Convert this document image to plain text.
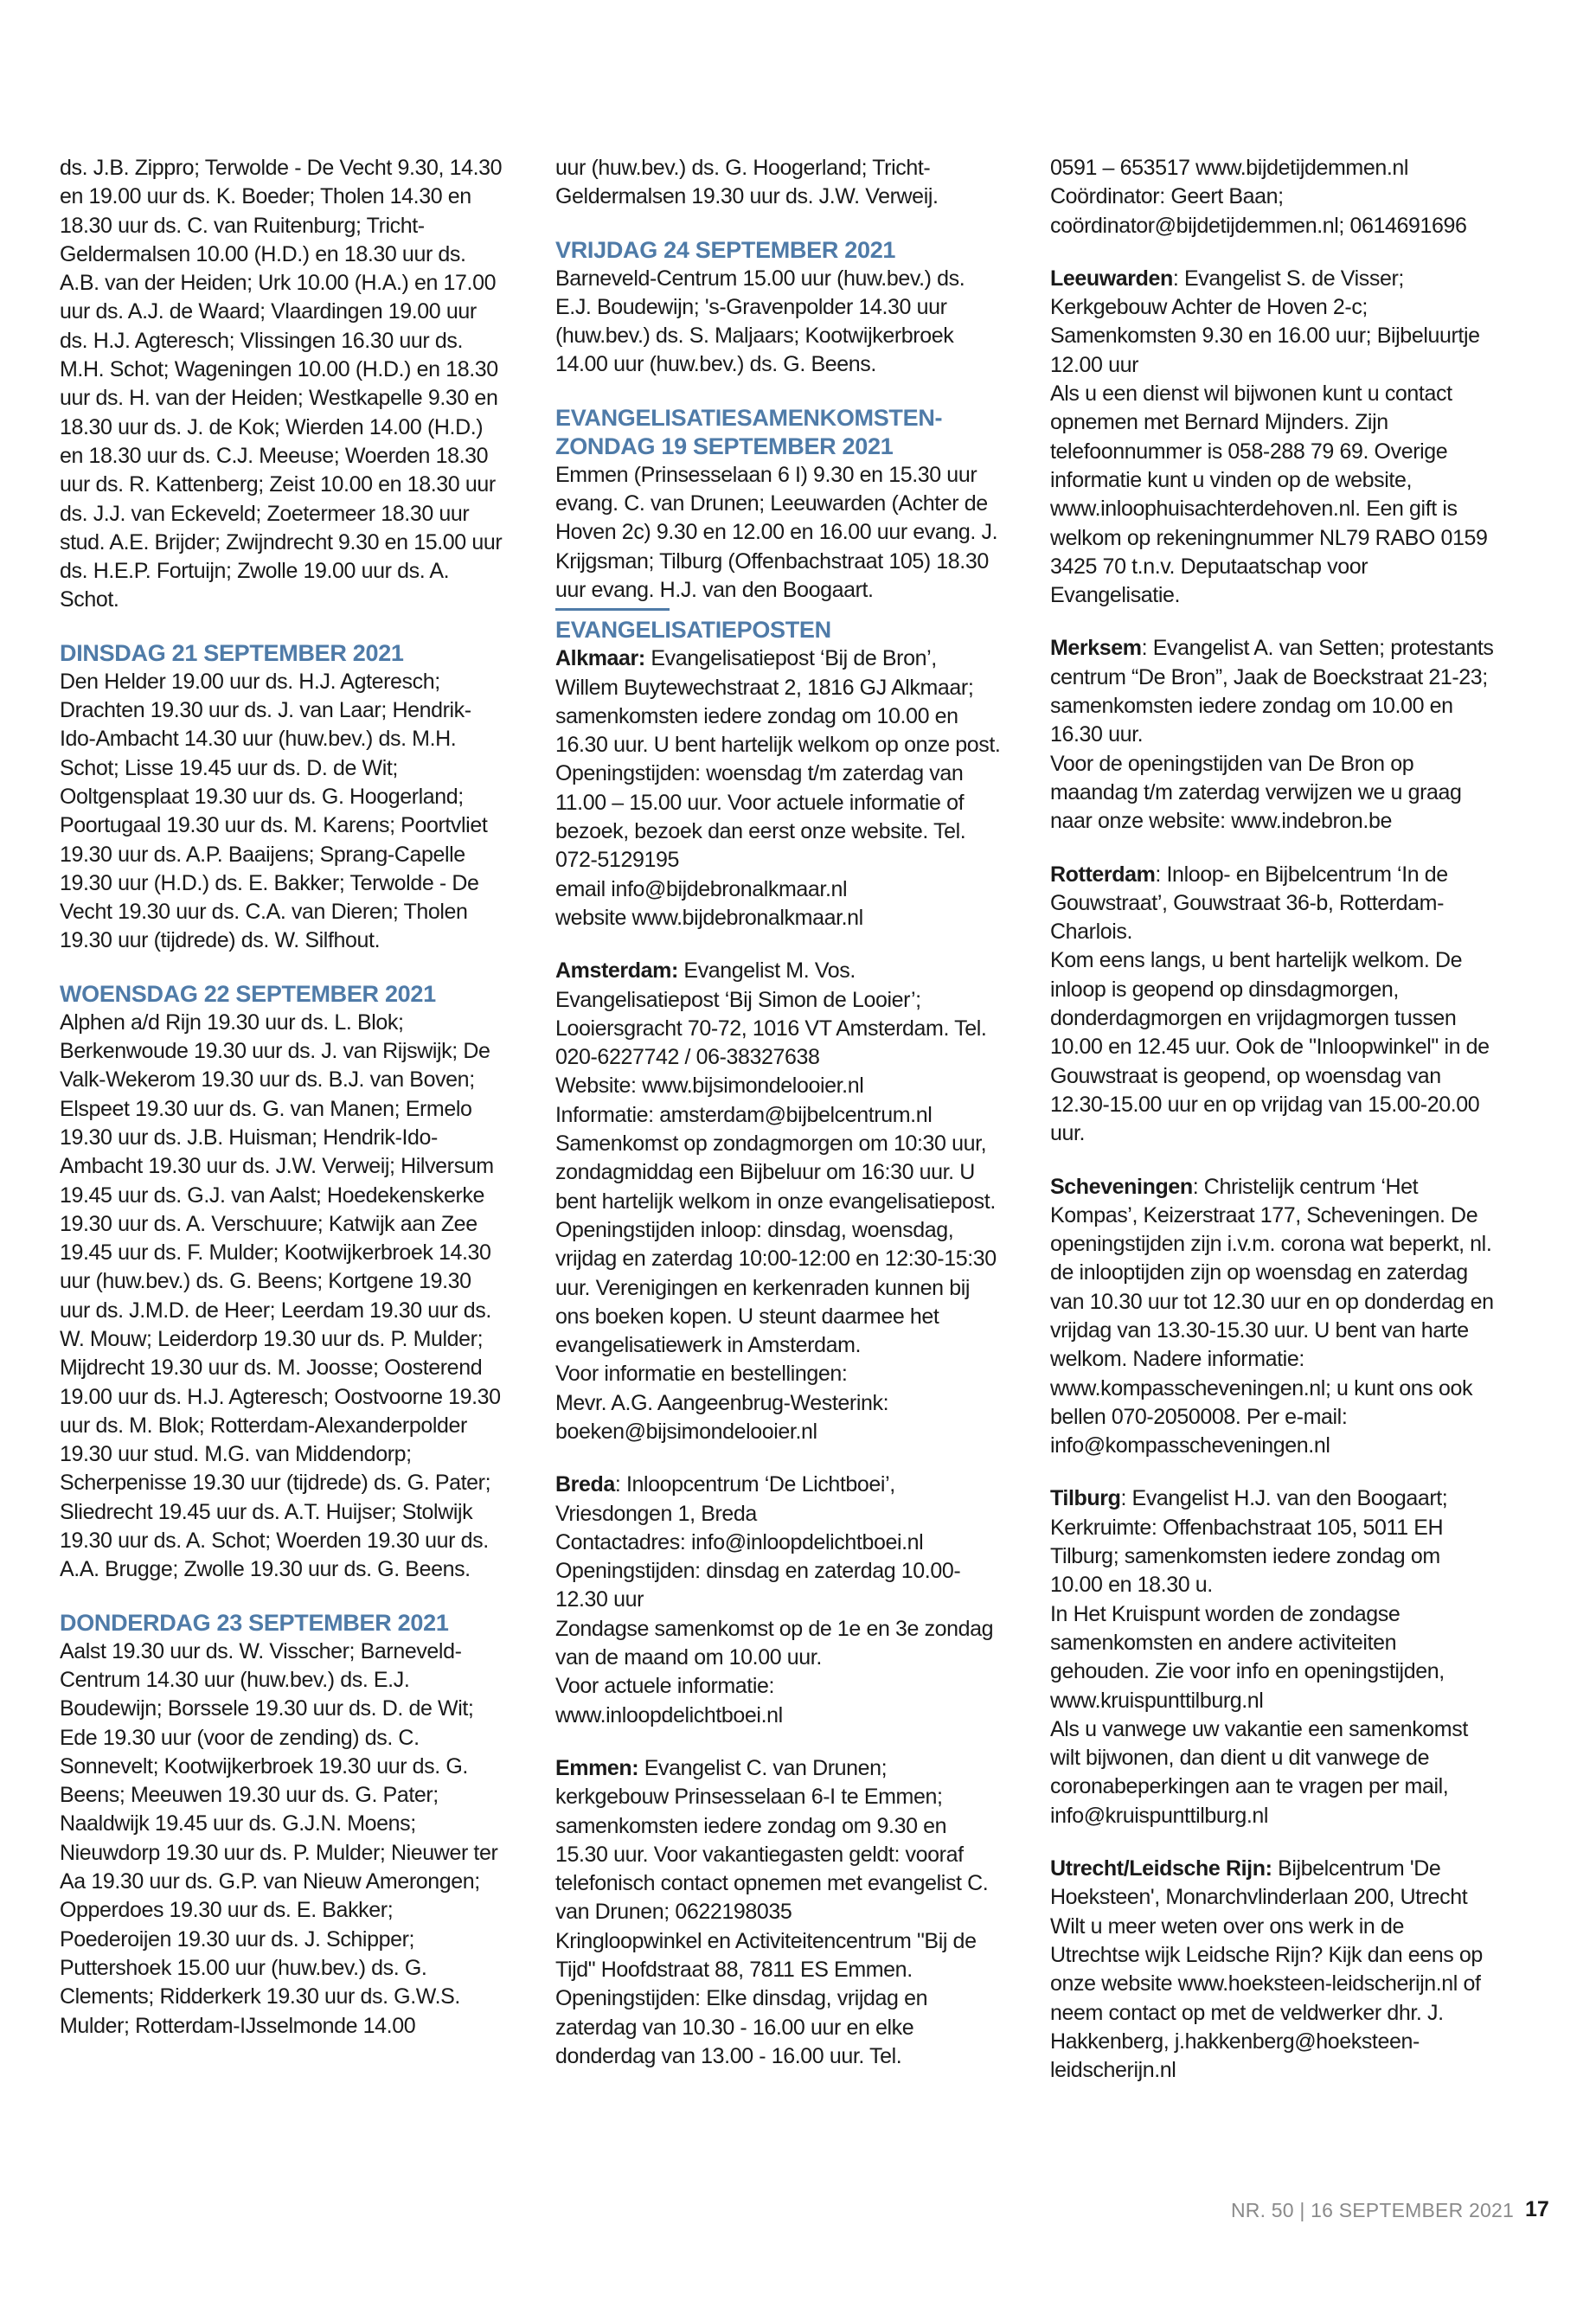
ds. J.B. Zippro; Terwolde - De Vecht 9.30, 14.30 en 19.00 uur ds. K. Boeder; Tholen 14.30 en 18.30 uur ds. C. van Ruitenburg; Tricht-Geldermalsen 10.00 (H.D.) en 18.30 uur ds. A.B. van der Heiden; Urk 10.00 (H.A.) en 17.00 uur ds. A.J. de Waard; Vlaardingen 19.00 uur ds. H.J. Agteresch; Vlissingen 16.30 uur ds. M.H. Schot; Wageningen 10.00 (H.D.) en 18.30 uur ds. H. van der Heiden; Westkapelle 9.30 en 18.30 uur ds. J. de Kok; Wierden 14.00 (H.D.) en 18.30 uur ds. C.J. Meeuse; Woerden 18.30 uur ds. R. Kattenberg; Zeist 10.00 en 18.30 uur ds. J.J. van Eckeveld; Zoetermeer 18.30 uur stud. A.E. Brijder; Zwijndrecht 9.30 en 15.00 uur ds. H.E.P. Fortuijn; Zwolle 19.00 uur ds. A. Schot.

DINSDAG 21 SEPTEMBER 2021

Den Helder 19.00 uur ds. H.J. Agteresch; Drachten 19.30 uur ds. J. van Laar; Hendrik-Ido-Ambacht 14.30 uur (huw.bev.) ds. M.H. Schot; Lisse 19.45 uur ds. D. de Wit; Ooltgensplaat 19.30 uur ds. G. Hoogerland; Poortugaal 19.30 uur ds. M. Karens; Poortvliet 19.30 uur ds. A.P. Baaijens; Sprang-Capelle 19.30 uur (H.D.) ds. E. Bakker; Terwolde - De Vecht 19.30 uur ds. C.A. van Dieren; Tholen 19.30 uur (tijdrede) ds. W. Silfhout.

WOENSDAG 22 SEPTEMBER 2021

Alphen a/d Rijn 19.30 uur ds. L. Blok; Berkenwoude 19.30 uur ds. J. van Rijswijk; De Valk-Wekerom 19.30 uur ds. B.J. van Boven; Elspeet 19.30 uur ds. G. van Manen; Ermelo 19.30 uur ds. J.B. Huisman; Hendrik-Ido-Ambacht 19.30 uur ds. J.W. Verweij; Hilversum 19.45 uur ds. G.J. van Aalst; Hoedekenskerke 19.30 uur ds. A. Verschuure; Katwijk aan Zee 19.45 uur ds. F. Mulder; Kootwijkerbroek 14.30 uur (huw.bev.) ds. G. Beens; Kortgene 19.30 uur ds. J.M.D. de Heer; Leerdam 19.30 uur ds. W. Mouw; Leiderdorp 19.30 uur ds. P. Mulder; Mijdrecht 19.30 uur ds. M. Joosse; Oosterend 19.00 uur ds. H.J. Agteresch; Oostvoorne 19.30 uur ds. M. Blok; Rotterdam-Alexanderpolder 19.30 uur stud. M.G. van Middendorp; Scherpenisse 19.30 uur (tijdrede) ds. G. Pater; Sliedrecht 19.45 uur ds. A.T. Huijser; Stolwijk 19.30 uur ds. A. Schot; Woerden 19.30 uur ds. A.A. Brugge; Zwolle 19.30 uur ds. G. Beens.

DONDERDAG 23 SEPTEMBER 2021

Aalst 19.30 uur ds. W. Visscher; Barneveld-Centrum 14.30 uur (huw.bev.) ds. E.J. Boudewijn; Borssele 19.30 uur ds. D. de Wit; Ede 19.30 uur (voor de zending) ds. C. Sonnevelt; Kootwijkerbroek 19.30 uur ds. G. Beens; Meeuwen 19.30 uur ds. G. Pater; Naaldwijk 19.45 uur ds. G.J.N. Moens; Nieuwdorp 19.30 uur ds. P. Mulder; Nieuwer ter Aa 19.30 uur ds. G.P. van Nieuw Amerongen; Opperdoes 19.30 uur ds. E. Bakker; Poederoijen 19.30 uur ds. J. Schipper; Puttershoek 15.00 uur (huw.bev.) ds. G. Clements; Ridderkerk 19.30 uur ds. G.W.S. Mulder; Rotterdam-IJsselmonde 14.00

uur (huw.bev.) ds. G. Hoogerland; Tricht-Geldermalsen 19.30 uur ds. J.W. Verweij.

VRIJDAG 24 SEPTEMBER 2021

Barneveld-Centrum 15.00 uur (huw.bev.) ds. E.J. Boudewijn; 's-Gravenpolder 14.30 uur (huw.bev.) ds. S. Maljaars; Kootwijkerbroek 14.00 uur (huw.bev.) ds. G. Beens.

EVANGELISATIESAMENKOMSTEN-

ZONDAG 19 SEPTEMBER 2021

Emmen (Prinsesselaan 6 I) 9.30 en 15.30 uur evang. C. van Drunen; Leeuwarden (Achter de Hoven 2c) 9.30 en 12.00 en 16.00 uur evang. J. Krijgsman; Tilburg (Offenbachstraat 105) 18.30 uur evang. H.J. van den Boogaart.

EVANGELISATIEPOSTEN

Alkmaar: Evangelisatiepost ‘Bij de Bron’, Willem Buytewechstraat 2, 1816 GJ Alkmaar; samenkomsten iedere zondag om 10.00 en 16.30 uur. U bent hartelijk welkom op onze post. Openingstijden: woensdag t/m zaterdag van 11.00 – 15.00 uur. Voor actuele informatie of bezoek, bezoek dan eerst onze website. Tel. 072-5129195

email info@bijdebronalkmaar.nl

website www.bijdebronalkmaar.nl

Amsterdam: Evangelist M. Vos. Evangelisatiepost ‘Bij Simon de Looier’; Looiersgracht 70-72, 1016 VT Amsterdam. Tel. 020-6227742 / 06-38327638

Website: www.bijsimondelooier.nl

Informatie: amsterdam@bijbelcentrum.nl

Samenkomst op zondagmorgen om 10:30 uur, zondagmiddag een Bijbeluur om 16:30 uur. U bent hartelijk welkom in onze evangelisatiepost. Openingstijden inloop: dinsdag, woensdag, vrijdag en zaterdag 10:00-12:00 en 12:30-15:30 uur. Verenigingen en kerkenraden kunnen bij ons boeken kopen. U steunt daarmee het evangelisatiewerk in Amsterdam.

Voor informatie en bestellingen:

Mevr. A.G. Aangeenbrug-Westerink: boeken@bijsimondelooier.nl

Breda: Inloopcentrum ‘De Lichtboei’, Vriesdongen 1, Breda

Contactadres: info@inloopdelichtboei.nl

Openingstijden: dinsdag en zaterdag 10.00-12.30 uur

Zondagse samenkomst op de 1e en 3e zondag van de maand om 10.00 uur.

Voor actuele informatie:

www.inloopdelichtboei.nl

Emmen: Evangelist C. van Drunen; kerkgebouw Prinsesselaan 6-I te Emmen; samenkomsten iedere zondag om 9.30 en 15.30 uur. Voor vakantiegasten geldt: vooraf telefonisch contact opnemen met evangelist C. van Drunen; 0622198035

Kringloopwinkel en Activiteitencentrum "Bij de Tijd" Hoofdstraat 88, 7811 ES Emmen. Openingstijden: Elke dinsdag, vrijdag en zaterdag van 10.30 - 16.00 uur en elke donderdag van 13.00 - 16.00 uur. Tel.

0591 – 653517 www.bijdetijdemmen.nl

Coördinator: Geert Baan; coördinator@bijdetijdemmen.nl; 0614691696

Leeuwarden: Evangelist S. de Visser; Kerkgebouw Achter de Hoven 2-c; Samenkomsten 9.30 en 16.00 uur; Bijbeluurtje 12.00 uur

Als u een dienst wil bijwonen kunt u contact opnemen met Bernard Mijnders. Zijn telefoonnummer is 058-288 79 69. Overige informatie kunt u vinden op de website, www.inloophuisachterdehoven.nl. Een gift is welkom op rekeningnummer NL79 RABO 0159 3425 70 t.n.v. Deputaatschap voor Evangelisatie.

Merksem: Evangelist A. van Setten; protestants centrum “De Bron”, Jaak de Boeckstraat 21-23; samenkomsten iedere zondag om 10.00 en 16.30 uur.

Voor de openingstijden van De Bron op maandag t/m zaterdag verwijzen we u graag naar onze website: www.indebron.be

Rotterdam: Inloop- en Bijbelcentrum ‘In de Gouwstraat’, Gouwstraat 36-b, Rotterdam-Charlois.

Kom eens langs, u bent hartelijk welkom. De inloop is geopend op dinsdagmorgen, donderdagmorgen en vrijdagmorgen tussen 10.00 en 12.45 uur. Ook de "Inloopwinkel" in de Gouwstraat is geopend, op woensdag van 12.30-15.00 uur en op vrijdag van 15.00-20.00 uur.

Scheveningen: Christelijk centrum ‘Het Kompas’, Keizerstraat 177, Scheveningen. De openingstijden zijn i.v.m. corona wat beperkt, nl. de inlooptijden zijn op woensdag en zaterdag van 10.30 uur tot 12.30 uur en op donderdag en vrijdag van 13.30-15.30 uur. U bent van harte welkom. Nadere informatie: www.kompasscheveningen.nl; u kunt ons ook bellen 070-2050008. Per e-mail: info@kompasscheveningen.nl

Tilburg: Evangelist H.J. van den Boogaart; Kerkruimte: Offenbachstraat 105, 5011 EH Tilburg; samenkomsten iedere zondag om 10.00 en 18.30 u.

In Het Kruispunt worden de zondagse samenkomsten en andere activiteiten gehouden. Zie voor info en openingstijden, www.kruispunttilburg.nl

Als u vanwege uw vakantie een samenkomst wilt bijwonen, dan dient u dit vanwege de coronabeperkingen aan te vragen per mail, info@kruispunttilburg.nl

Utrecht/Leidsche Rijn: Bijbelcentrum 'De Hoeksteen', Monarchvlinderlaan 200, Utrecht

Wilt u meer weten over ons werk in de Utrechtse wijk Leidsche Rijn? Kijk dan eens op onze website www.hoeksteen-leidscherijn.nl of neem contact op met de veldwerker dhr. J. Hakkenberg, j.hakkenberg@hoeksteen-leidscherijn.nl

NR. 50 | 16 SEPTEMBER 2021 17
